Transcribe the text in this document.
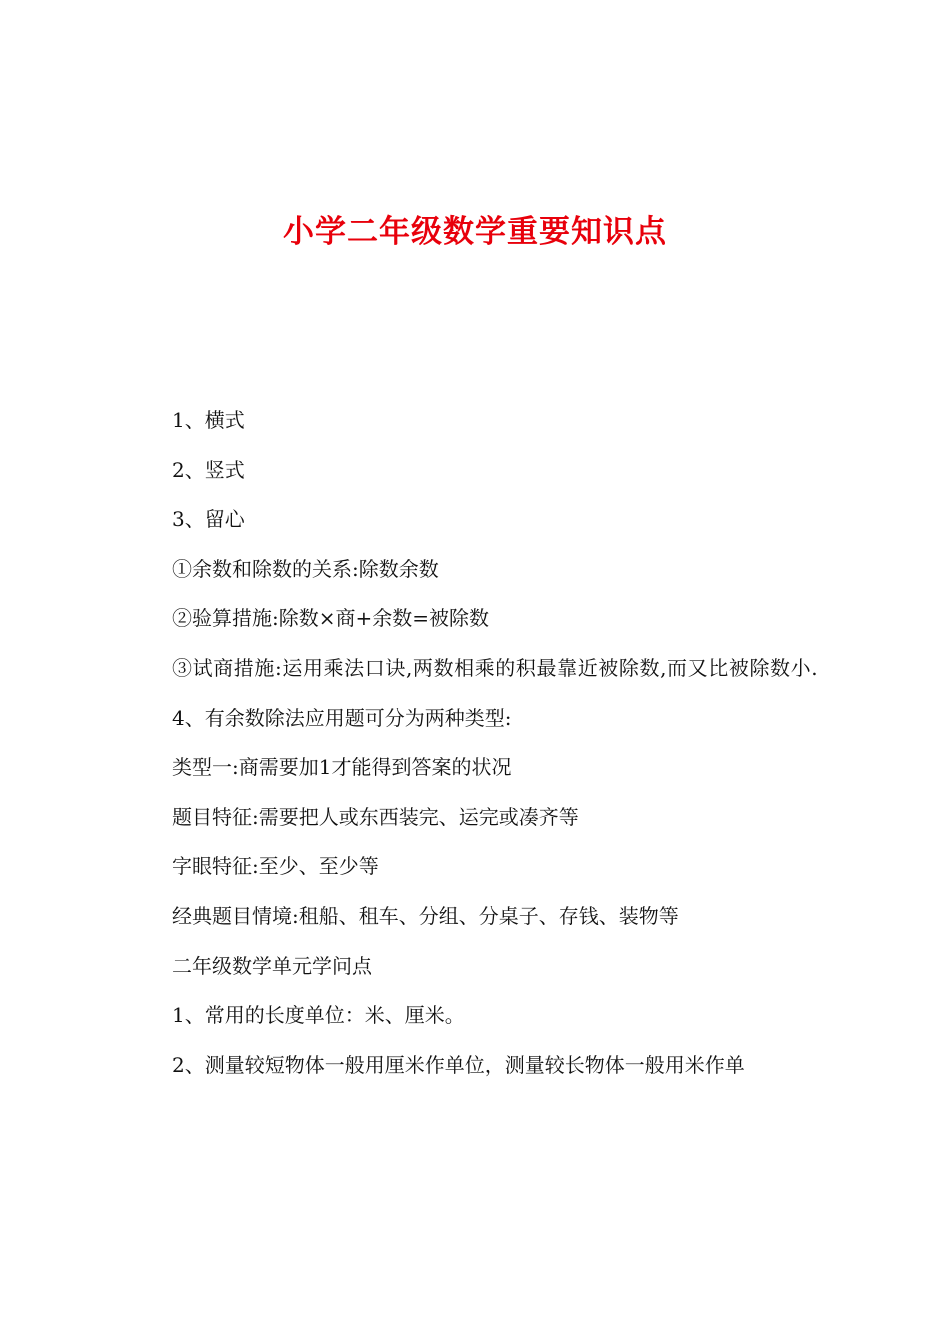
小学二年级数学重要知识点

1、横式

2、竖式

3、留心

①余数和除数的关系:除数余数

②验算措施:除数×商+余数=被除数

③试商措施:运用乘法口诀,两数相乘的积最靠近被除数,而又比被除数小.

4、有余数除法应用题可分为两种类型:

类型一:商需要加1才能得到答案的状况

题目特征:需要把人或东西装完、运完或凑齐等

字眼特征:至少、至少等

经典题目情境:租船、租车、分组、分桌子、存钱、装物等

二年级数学单元学问点

1、常用的长度单位：米、厘米。

2、测量较短物体一般用厘米作单位，测量较长物体一般用米作单
